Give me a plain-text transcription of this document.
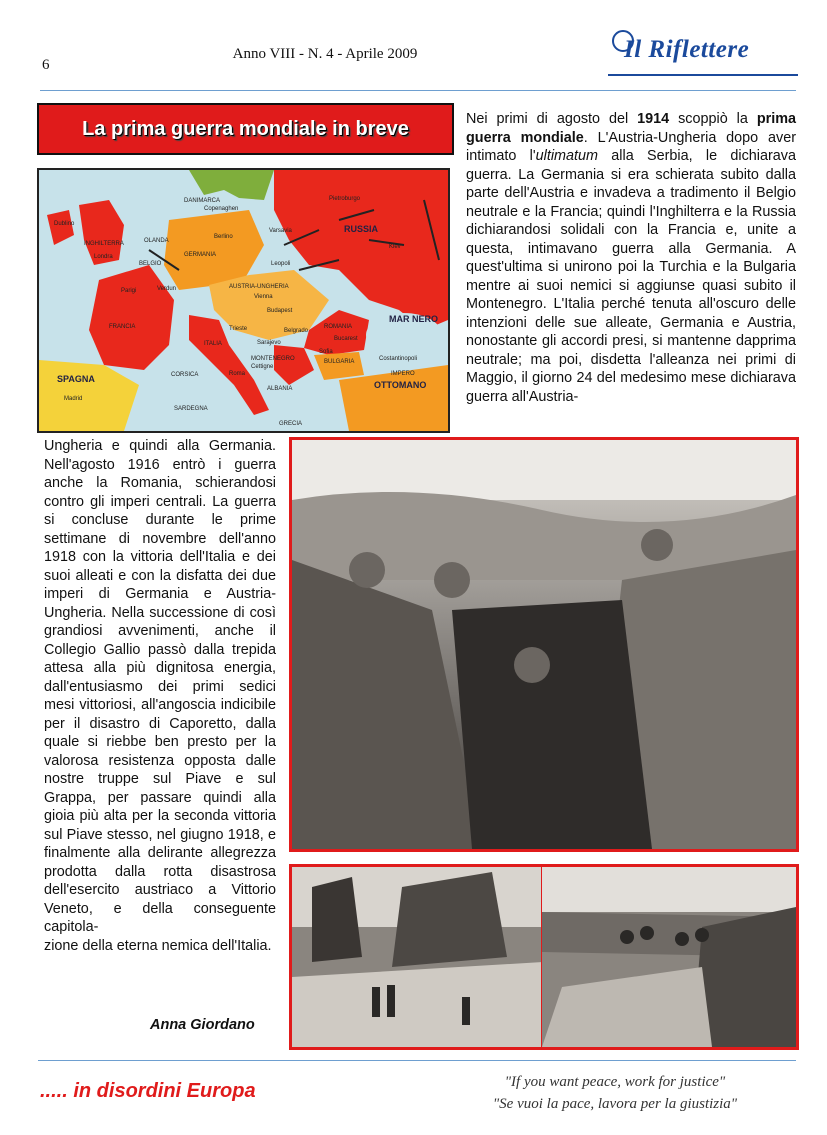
6
Anno VIII - N. 4 - Aprile 2009	Il Riflettere
La prima guerra mondiale in breve
DANIMARCA
Copenaghen
Dublino
INGHILTERRA
Londra
OLANDA
BELGIO
Berlino
GERMANIA
RUSSIA
Varsavia
Pietroburgo
Kiev
Leopoli
Parigi	Verdun
FRANCIA
AUSTRIA-UNGHERIA
Vienna
Budapest
Trieste	Belgrado
ROMANIA
Bucarest
Sofia
BULGARIA
Sarajevo
MONTENEGRO
Cettigne
ALBANIA
Costantinopoli
IMPERO
OTTOMANO
MAR NERO
SPAGNA
Madrid
CORSICA
SARDEGNA
Roma
ITALIA
GRECIA

Nei primi di agosto del 1914 scoppiò la prima guerra mondiale. L'Austria-Ungheria dopo aver intimato l'ultimatum alla Serbia, le dichiarava guerra. La Germania si era schierata subito dalla parte dell'Austria e invadeva a tradimento il Belgio neutrale e la Francia; quindi l'Inghilterra e la Russia dichiarandosi solidali con la Francia e, unite a questa, intimavano guerra alla Germania. A quest'ultima si unirono poi la Turchia e la Bulgaria mentre ai suoi nemici si aggiunse quasi subito il Montenegro. L'Italia perché tenuta all'oscuro delle intenzioni delle sue alleate, Germania e Austria, nonostante gli accordi presi, si mantenne dapprima neutrale; ma poi, disdetta l'alleanza nei primi di Maggio, il giorno 24 del medesimo mese dichiarava guerra all'Austria-

Ungheria e quindi alla Germania. Nell'agosto 1916 entrò i guerra anche la Romania, schierandosi contro gli imperi centrali. La guerra si concluse durante le prime settimane di novembre dell'anno 1918 con la vittoria dell'Italia e dei suoi alleati e con la disfatta dei due imperi di Germania e Austria-Ungheria. Nella successione di così grandiosi avvenimenti, anche il Collegio Gallio passò dalla trepida attesa alla più dignitosa energia, dall'entusiasmo dei primi sedici mesi vittoriosi, all'angoscia indicibile per il disastro di Caporetto, dalla quale si riebbe ben presto per la valorosa resistenza opposta dalle nostre truppe sul Piave e sul Grappa, per passare quindi alla gioia più alta per la seconda vittoria sul Piave stesso, nel giugno 1918, e finalmente alla delirante allegrezza prodotta dalla rotta disastrosa dell'esercito austriaco a Vittorio Veneto, e della conseguente capitola-

zione della eterna nemica dell'Italia.

Anna Giordano
..... in disordini Europa	"If you want peace, work for justice"
"Se vuoi la pace, lavora per la giustizia"
